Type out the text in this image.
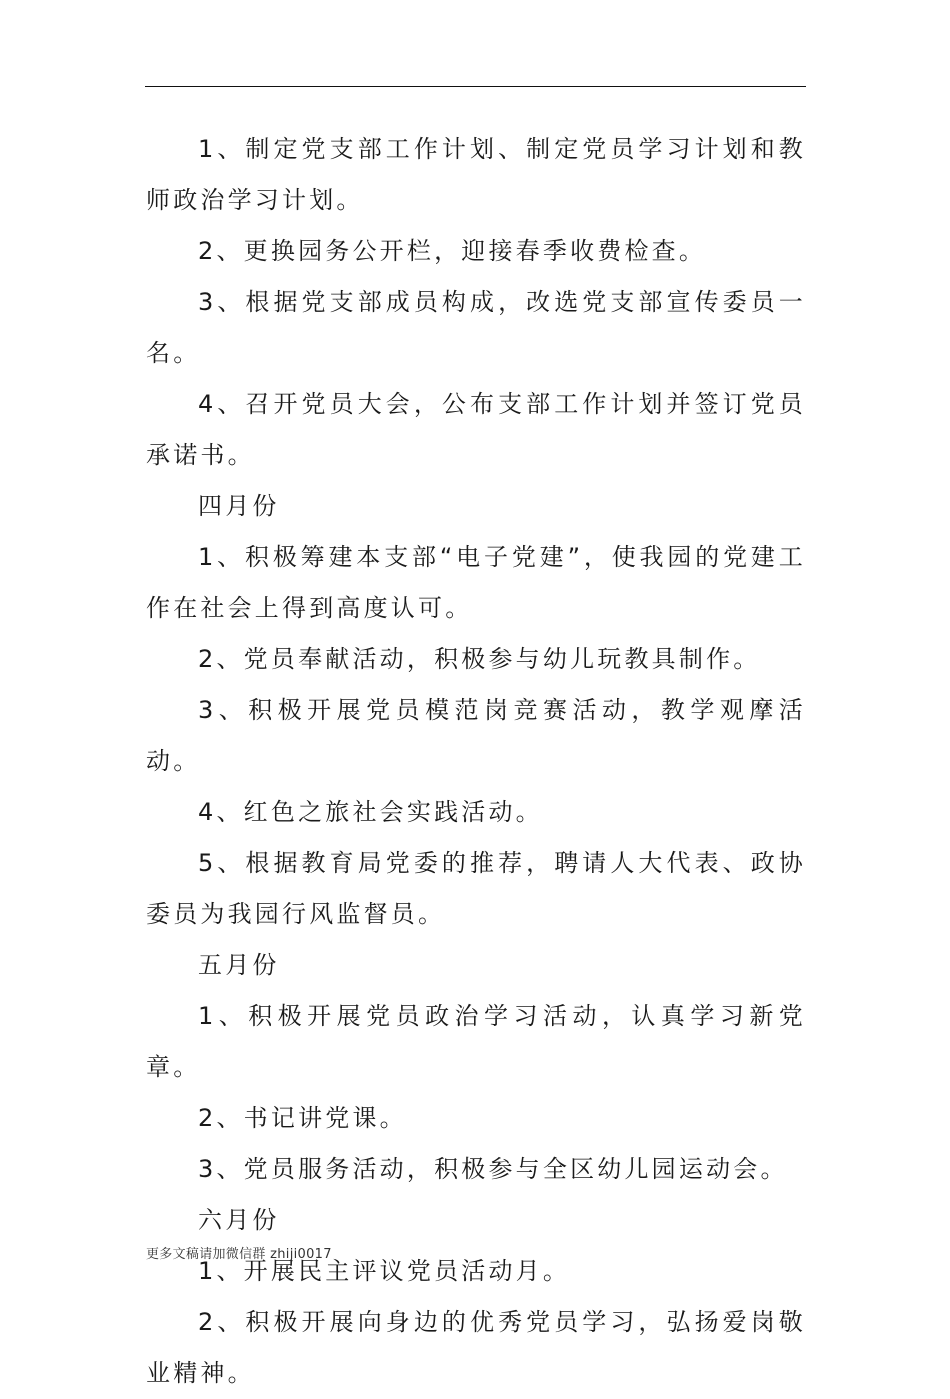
1、制定党支部工作计划、制定党员学习计划和教师政治学习计划。

2、更换园务公开栏，迎接春季收费检查。

3、根据党支部成员构成，改选党支部宣传委员一名。

4、召开党员大会，公布支部工作计划并签订党员承诺书。

四月份

1、积极筹建本支部“电子党建”，使我园的党建工作在社会上得到高度认可。

2、党员奉献活动，积极参与幼儿玩教具制作。

3、积极开展党员模范岗竞赛活动，教学观摩活动。

4、红色之旅社会实践活动。

5、根据教育局党委的推荐，聘请人大代表、政协委员为我园行风监督员。

五月份

1、积极开展党员政治学习活动，认真学习新党章。

2、书记讲党课。

3、党员服务活动，积极参与全区幼儿园运动会。

六月份

1、开展民主评议党员活动月。

2、积极开展向身边的优秀党员学习，弘扬爱岗敬业精神。

更多文稿请加微信群 zhiji0017
